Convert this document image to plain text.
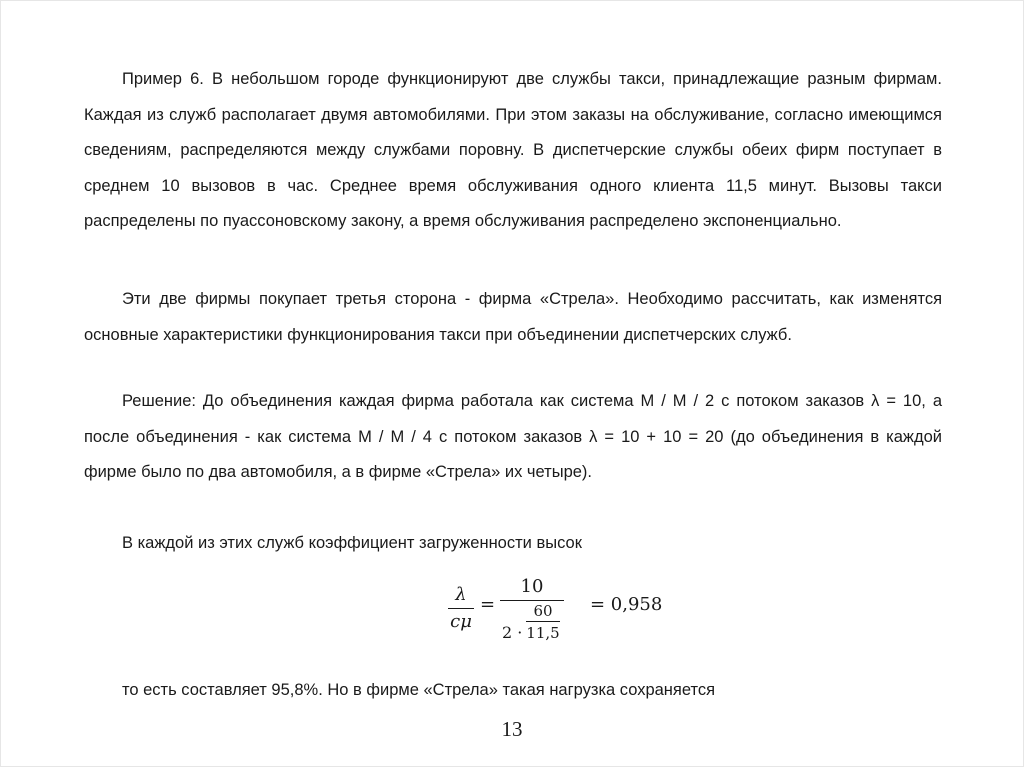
Пример 6. В небольшом городе функционируют две службы такси, принадлежащие разным фирмам. Каждая из служб располагает двумя автомобилями. При этом заказы на обслуживание, согласно имеющимся сведениям, распределяются между службами поровну. В диспетчерские службы обеих фирм поступает в среднем 10 вызовов в час. Среднее время обслуживания одного клиента 11,5 минут. Вызовы такси распределены по пуассоновскому закону, а время обслуживания распределено экспоненциально.

Эти две фирмы покупает третья сторона - фирма «Стрела». Необходимо рассчитать, как изменятся основные характеристики функционирования такси при объединении диспетчерских служб.

Решение: До объединения каждая фирма работала как система M / M / 2 с потоком заказов λ = 10, а после объединения - как система M / M / 4 с потоком заказов λ = 10 + 10 = 20 (до объединения в каждой фирме было по два автомобиля, а в фирме «Стрела» их четыре).

В каждой из этих служб коэффициент загруженности высок

λ
cμ
=
10
2 ·
60
11,5
= 0,958

то есть составляет 95,8%. Но в фирме «Стрела» такая нагрузка сохраняется

13
